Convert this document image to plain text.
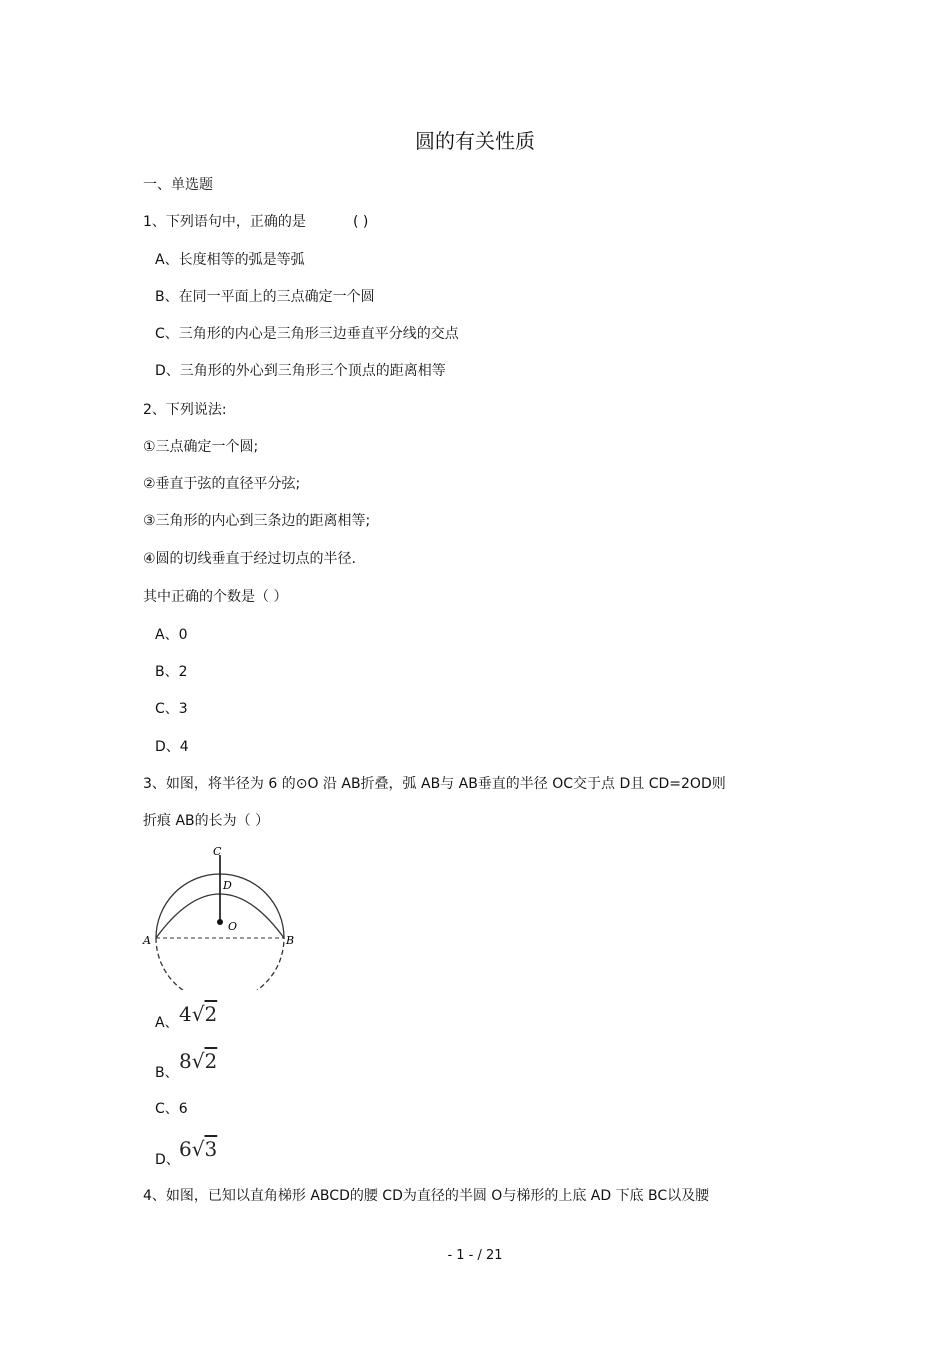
圆的有关性质
一、单选题
1、下列语句中，正确的是	( )
A、长度相等的弧是等弧
B、在同一平面上的三点确定一个圆
C、三角形的内心是三角形三边垂直平分线的交点
D、三角形的外心到三角形三个顶点的距离相等
2、下列说法:
①三点确定一个圆;
②垂直于弦的直径平分弦;
③三角形的内心到三条边的距离相等;
④圆的切线垂直于经过切点的半径.
其中正确的个数是（ ）
A、0
B、2
C、3
D、4
3、如图，将半径为 6 的⊙O 沿 AB折叠，弧 AB与 AB垂直的半径 OC交于点 D且 CD=2OD则
折痕 AB的长为（ ）
C
D
O
A	B
A、 4√2
B、 8√2
C、6
D、 6√3
4、如图，已知以直角梯形 ABCD的腰 CD为直径的半圆 O与梯形的上底 AD 下底 BC以及腰
- 1 - / 21
